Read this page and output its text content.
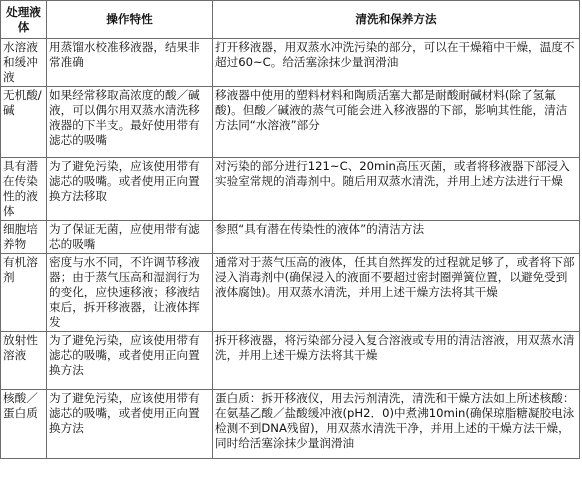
处理液体	操作特性	清洗和保养方法
水溶液和缓冲液	用蒸馏水校准移液器，结果非常准确	打开移液器，用双蒸水冲洗污染的部分，可以在干燥箱中干燥，温度不超过60~C。给活塞涂抹少量润滑油
无机酸/碱	如果经常移取高浓度的酸／碱液，可以偶尔用双蒸水清洗移液器的下半支。最好使用带有滤芯的吸嘴	移液器中使用的塑料材料和陶质活塞大都是耐酸耐碱材料(除了氢氟酸)。但酸／碱液的蒸气可能会进入移液器的下部，影响其性能，清洁方法同“水溶液”部分
具有潜在传染性的液体	为了避免污染，应该使用带有滤芯的吸嘴。或者使用正向置换方法移取	对污染的部分进行121~C、20min高压灭菌，或者将移液器下部浸入实验室常规的消毒剂中。随后用双蒸水清洗，并用上述方法进行干燥
细胞培养物	为了保证无菌，应使用带有滤芯的吸嘴	参照“具有潜在传染性的液体”的清洁方法
有机溶剂	密度与水不同，不许调节移液器；由于蒸气压高和湿润行为的变化，应快速移液；移液结束后，拆开移液器，让液体挥发	通常对于蒸气压高的液体，任其自然挥发的过程就足够了，或者将下部浸入消毒剂中(确保浸入的液面不要超过密封圈弹簧位置，以避免受到液体腐蚀)。用双蒸水清洗，并用上述干燥方法将其干燥
放射性溶液	为了避免污染，应该使用带有滤芯的吸嘴，或者使用正向置换方法	拆开移液器，将污染部分浸入复合溶液或专用的清洁溶液，用双蒸水清洗，并用上述干燥方法将其干燥
核酸／蛋白质	为了避免污染，应该使用带有滤芯的吸嘴，或者使用正向置换方法	蛋白质：拆开移液仪，用去污剂清洗，清洗和干燥方法如上所述核酸：在氨基乙酸／盐酸缓冲液(pH2．0)中煮沸10min(确保琼脂糖凝胶电泳检测不到DNA残留)，用双蒸水清洗干净，并用上述的干燥方法干燥，同时给活塞涂抹少量润滑油
